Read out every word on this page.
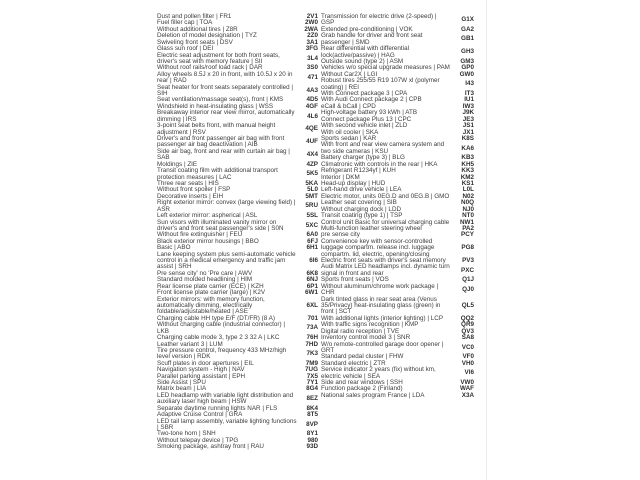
Dust and pollen filter | FR1	2V1
Fuel filler cap | TOA	2W0
Without additional tires | Z8R	2WA
Deletion of model designation | TYZ	2Z0
Swiveling front seats | DSV	3A1
Glass sun roof | DEI	3FG
Electric seat adjustment for both front seats, driver's seat with memory feature | SII	3L4
Without roof rails/roof load rack | DAR	3S0
Alloy wheels 8.5J x 20 in front, with 10.5J x 20 in rear | RAD	471
Seat heater for front seats separately controlled | SIH	4A3
Seat ventilation/massage seat(s), front | KMS	4D5
Windshield in heat-insulating glass | WSS	4GF
Breakaway interior rear view mirror, automatically dimming | IRS	4L6
3-point seat belts front, with manual height adjustment | RSV	4QE
Driver's and front passenger air bag with front passenger air bag deactivation | AIB	4UF
Side air bag, front and rear with curtain air bag | SAB	4X4
Moldings | ZIE	4ZP
Transit coating film with additional transport protection measures | LAC	5K5
Three rear seats | HIS	5KA
Without front spoiler | FSP	5L0
Decorative inserts | EIH	5MT
Right exterior mirror: convex (large viewing field) | ASR	5RU
Left exterior mirror: aspherical | ASL	5SL
Sun visors with illuminated vanity mirror on driver's and front seat passenger's side | S0N	5XC
Without fire extinguisher | FEU	6A0
Black exterior mirror housings | BBO	6FJ
Basic | ABO	6H1
Lane keeping system plus semi-automatic vehicle control in a medical emergency and traffic jam assist | SRH
6I6
Pre sense city' no 'Pre care | AWV	6K8
Standard molded headlining | HIM	6NJ
Rear license plate carrier (ECE) | KZH	6P1
Front license plate carrier (large) | K2V	6W1
Exterior mirrors: with memory function, automatically dimming, electrically foldable/adjustable/heated | ASE
6XL
Charging cable HH type E/F (DT/FR) (8 A)	701
Without charging cable (industrial connector) | LKB	73A
Charging cable mode 3, type 2 3 32 A | LKC	76H
Leather variant 3 | LUM	7HD
Tire pressure control, frequency 433 MHz/high level version | RDK	7K3
Scuff plates in door apertures | EIL	7M9
Navigation system - High | NAV	7UG
Parallel parking assistant | EPH	7X5
Side Assist | SPU	7Y1
Matrix beam | LIA	8G4
LED headlamp with variable light distribution and auxiliary laser high beam | HSW	8EZ
Separate daytime running lights NAR | FLS	8K4
Adaptive Cruise Control | GRA	8T5
LED tail lamp assembly, variable lighting functions | SBR	8VP
Two-tone horn | SNH	8Y1
Without telepay device | TPG	980
Smoking package, ashtray front | RAU	93D
Transmission for electric drive (2-speed) | GSP	G1X
Extended pre-conditioning | VOK	GA2
Grab handle for driver and front seat passenger | SMD	GB1
Rear differential with differential lock(active/passive) | HAG	GH3
Outside sound (type 2) | ASM	GM3
Vehicles w/o special upgrade measures | PAM	GP0
Without Car2X | LGI	GW0
Robust tires 255/55 R19 107W xl (polymer coating) | REI	I43
With Connect package 3 | CPA	IT3
With Audi Connect package 2 | CPB	IU1
eCall & bCall | CPD	IW3
High-voltage battery 93 kWh | ATB	J9K
Connect package Plus 13 | CPC	JE3
With second vehicle inlet | ZLD	JS1
With oil cooler | SKA	JX1
Sports sedan | KAR	K8S
With front and rear view camera system and two side cameras | KSU	KA6
Battery charger (type 3) | BLG	KB3
Climatronic with controls in the rear | HKA	KH5
Refrigerant R1234yf | KUH	KK3
Interior | DKM	KM2
Head-up display | HUD	KS1
Left-hand drive vehicle | LEA	L0L
Electric motor, units 0EG.D and 0EG.B | GMO	N02
Leather seat covering | SIB	N0Q
Without charging dock | LDD	NJ0
Transit coating (type 1) | TSP	NT0
Control unit Basic for universal charging cable	NW1
Multi-function leather steering wheel	PA2
pre sense city	PCY
Convenience key with sensor-controlled luggage compartm. release incl. luggage compartm. lid, electric, opening/closing
PG8
Electric front seats with driver's seat memory	PV3
Audi Matrix LED headlamps incl. dynamic turn signal in front and rear	PXC
Sports front seats | VOS	Q1J
Without aluminum/chrome work package | CHR	QJ0
Dark tinted glass in rear seat area (Venus 35/Privacy) heat-insulating glass (green) in front | SCT
QL5
With additional lights (interior lighting) | LCP	QQ2
With traffic signs recognition | KMP	QR9
Digital radio reception | TVE	QV3
Inventory control model 3 | SNR	SA8
W/o remote-controlled garage door opener | GRT	VC0
Standard pedal cluster | FHW	VF0
Standard electric | ZTR	VH0
Service indicator 2 years (fix) without km, electric vehicle | SEA	VI6
Side and rear windows | SSH	VW0
Function package 2 (Finland)	WAF
National sales program France | LDA	X3A
